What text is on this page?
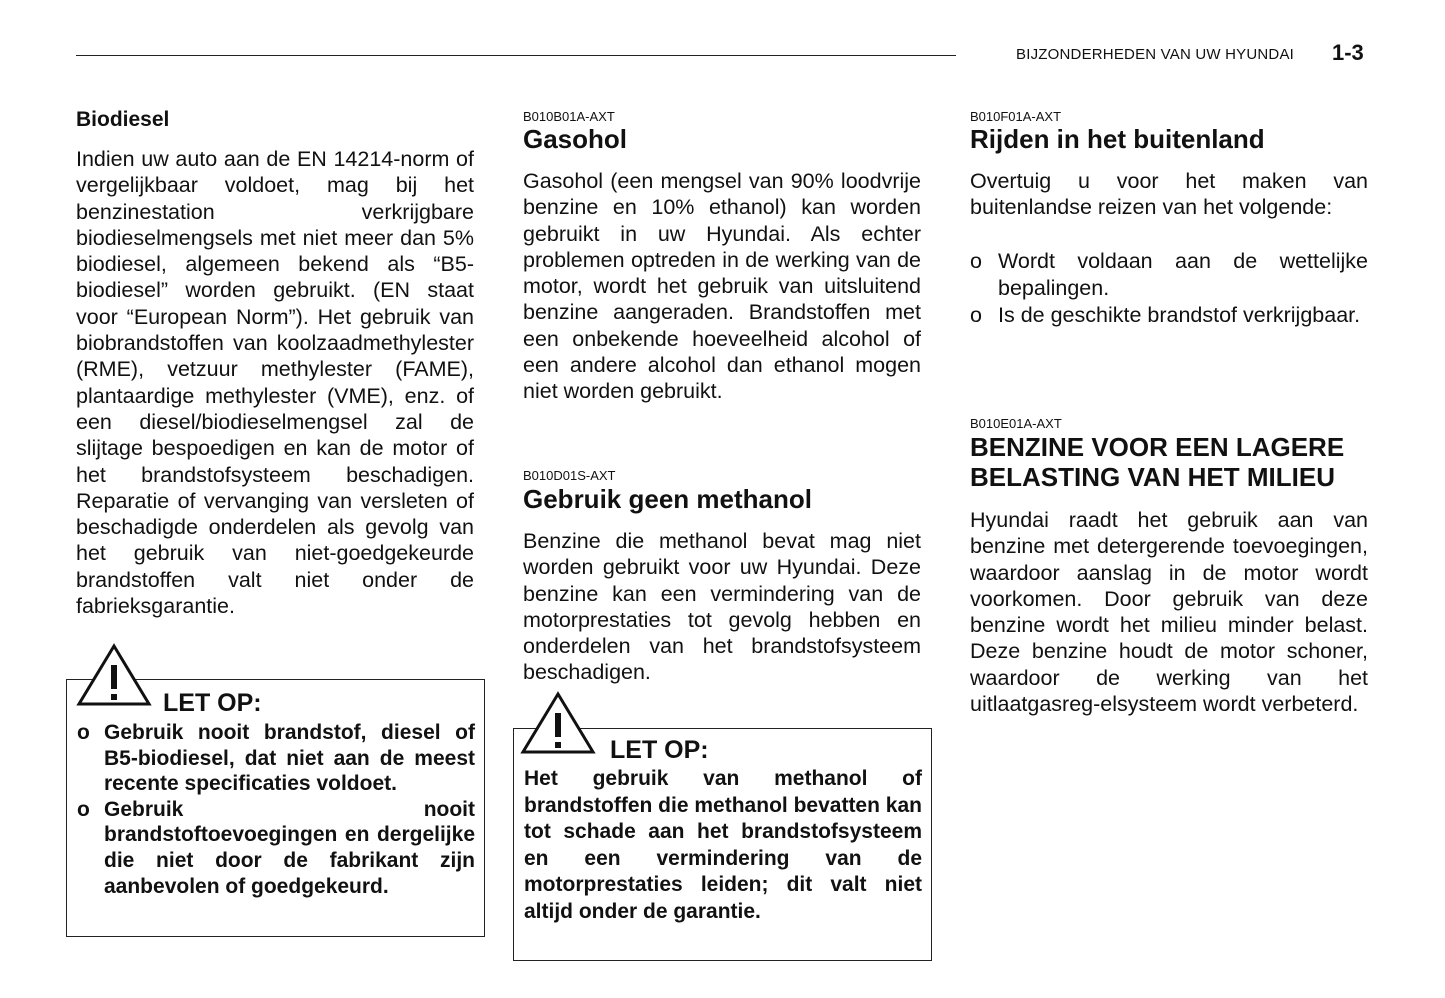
BIJZONDERHEDEN VAN UW HYUNDAI 1-3
Biodiesel
Indien uw auto aan de EN 14214-norm of vergelijkbaar voldoet, mag bij het benzinestation verkrijgbare biodieselmengsels met niet meer dan 5% biodiesel, algemeen bekend als “B5-biodiesel” worden gebruikt. (EN staat voor “European Norm”). Het gebruik van biobrandstoffen van koolzaadmethylester (RME), vetzuur methylester (FAME), plantaardige methylester (VME), enz. of een diesel/biodieselmengsel zal de slijtage bespoedigen en kan de motor of het brandstofsysteem beschadigen. Reparatie of vervanging van versleten of beschadigde onderdelen als gevolg van het gebruik van niet-goedgekeurde brandstoffen valt niet onder de fabrieksgarantie.
o Gebruik nooit brandstof, diesel of B5-biodiesel, dat niet aan de meest recente specificaties voldoet.
o Gebruik nooit brandstoftoevoegingen en dergelijke die niet door de fabrikant zijn aanbevolen of goedgekeurd.
LET OP:
B010B01A-AXT
Gasohol
Gasohol (een mengsel van 90% loodvrije benzine en 10% ethanol) kan worden gebruikt in uw Hyundai. Als echter problemen optreden in de werking van de motor, wordt het gebruik van uitsluitend benzine aangeraden. Brandstoffen met een onbekende hoeveelheid alcohol of een andere alcohol dan ethanol mogen niet worden gebruikt.
B010D01S-AXT
Gebruik geen methanol
Benzine die methanol bevat mag niet worden gebruikt voor uw Hyundai. Deze benzine kan een vermindering van de motorprestaties tot gevolg hebben en onderdelen van het brandstofsysteem beschadigen.
Het gebruik van methanol of brandstoffen die methanol bevatten kan tot schade aan het brandstofsysteem en een vermindering van de motorprestaties leiden; dit valt niet altijd onder de garantie.
LET OP:
B010F01A-AXT
Rijden in het buitenland
Overtuig u voor het maken van buitenlandse reizen van het volgende:
o Wordt voldaan aan de wettelijke bepalingen.
o Is de geschikte brandstof verkrijgbaar.
B010E01A-AXT
BENZINE VOOR EEN LAGERE BELASTING VAN HET MILIEU
Hyundai raadt het gebruik aan van benzine met detergerende toevoegingen, waardoor aanslag in de motor wordt voorkomen. Door gebruik van deze benzine wordt het milieu minder belast. Deze benzine houdt de motor schoner, waardoor de werking van het uitlaatgasreg-elsysteem wordt verbeterd.
